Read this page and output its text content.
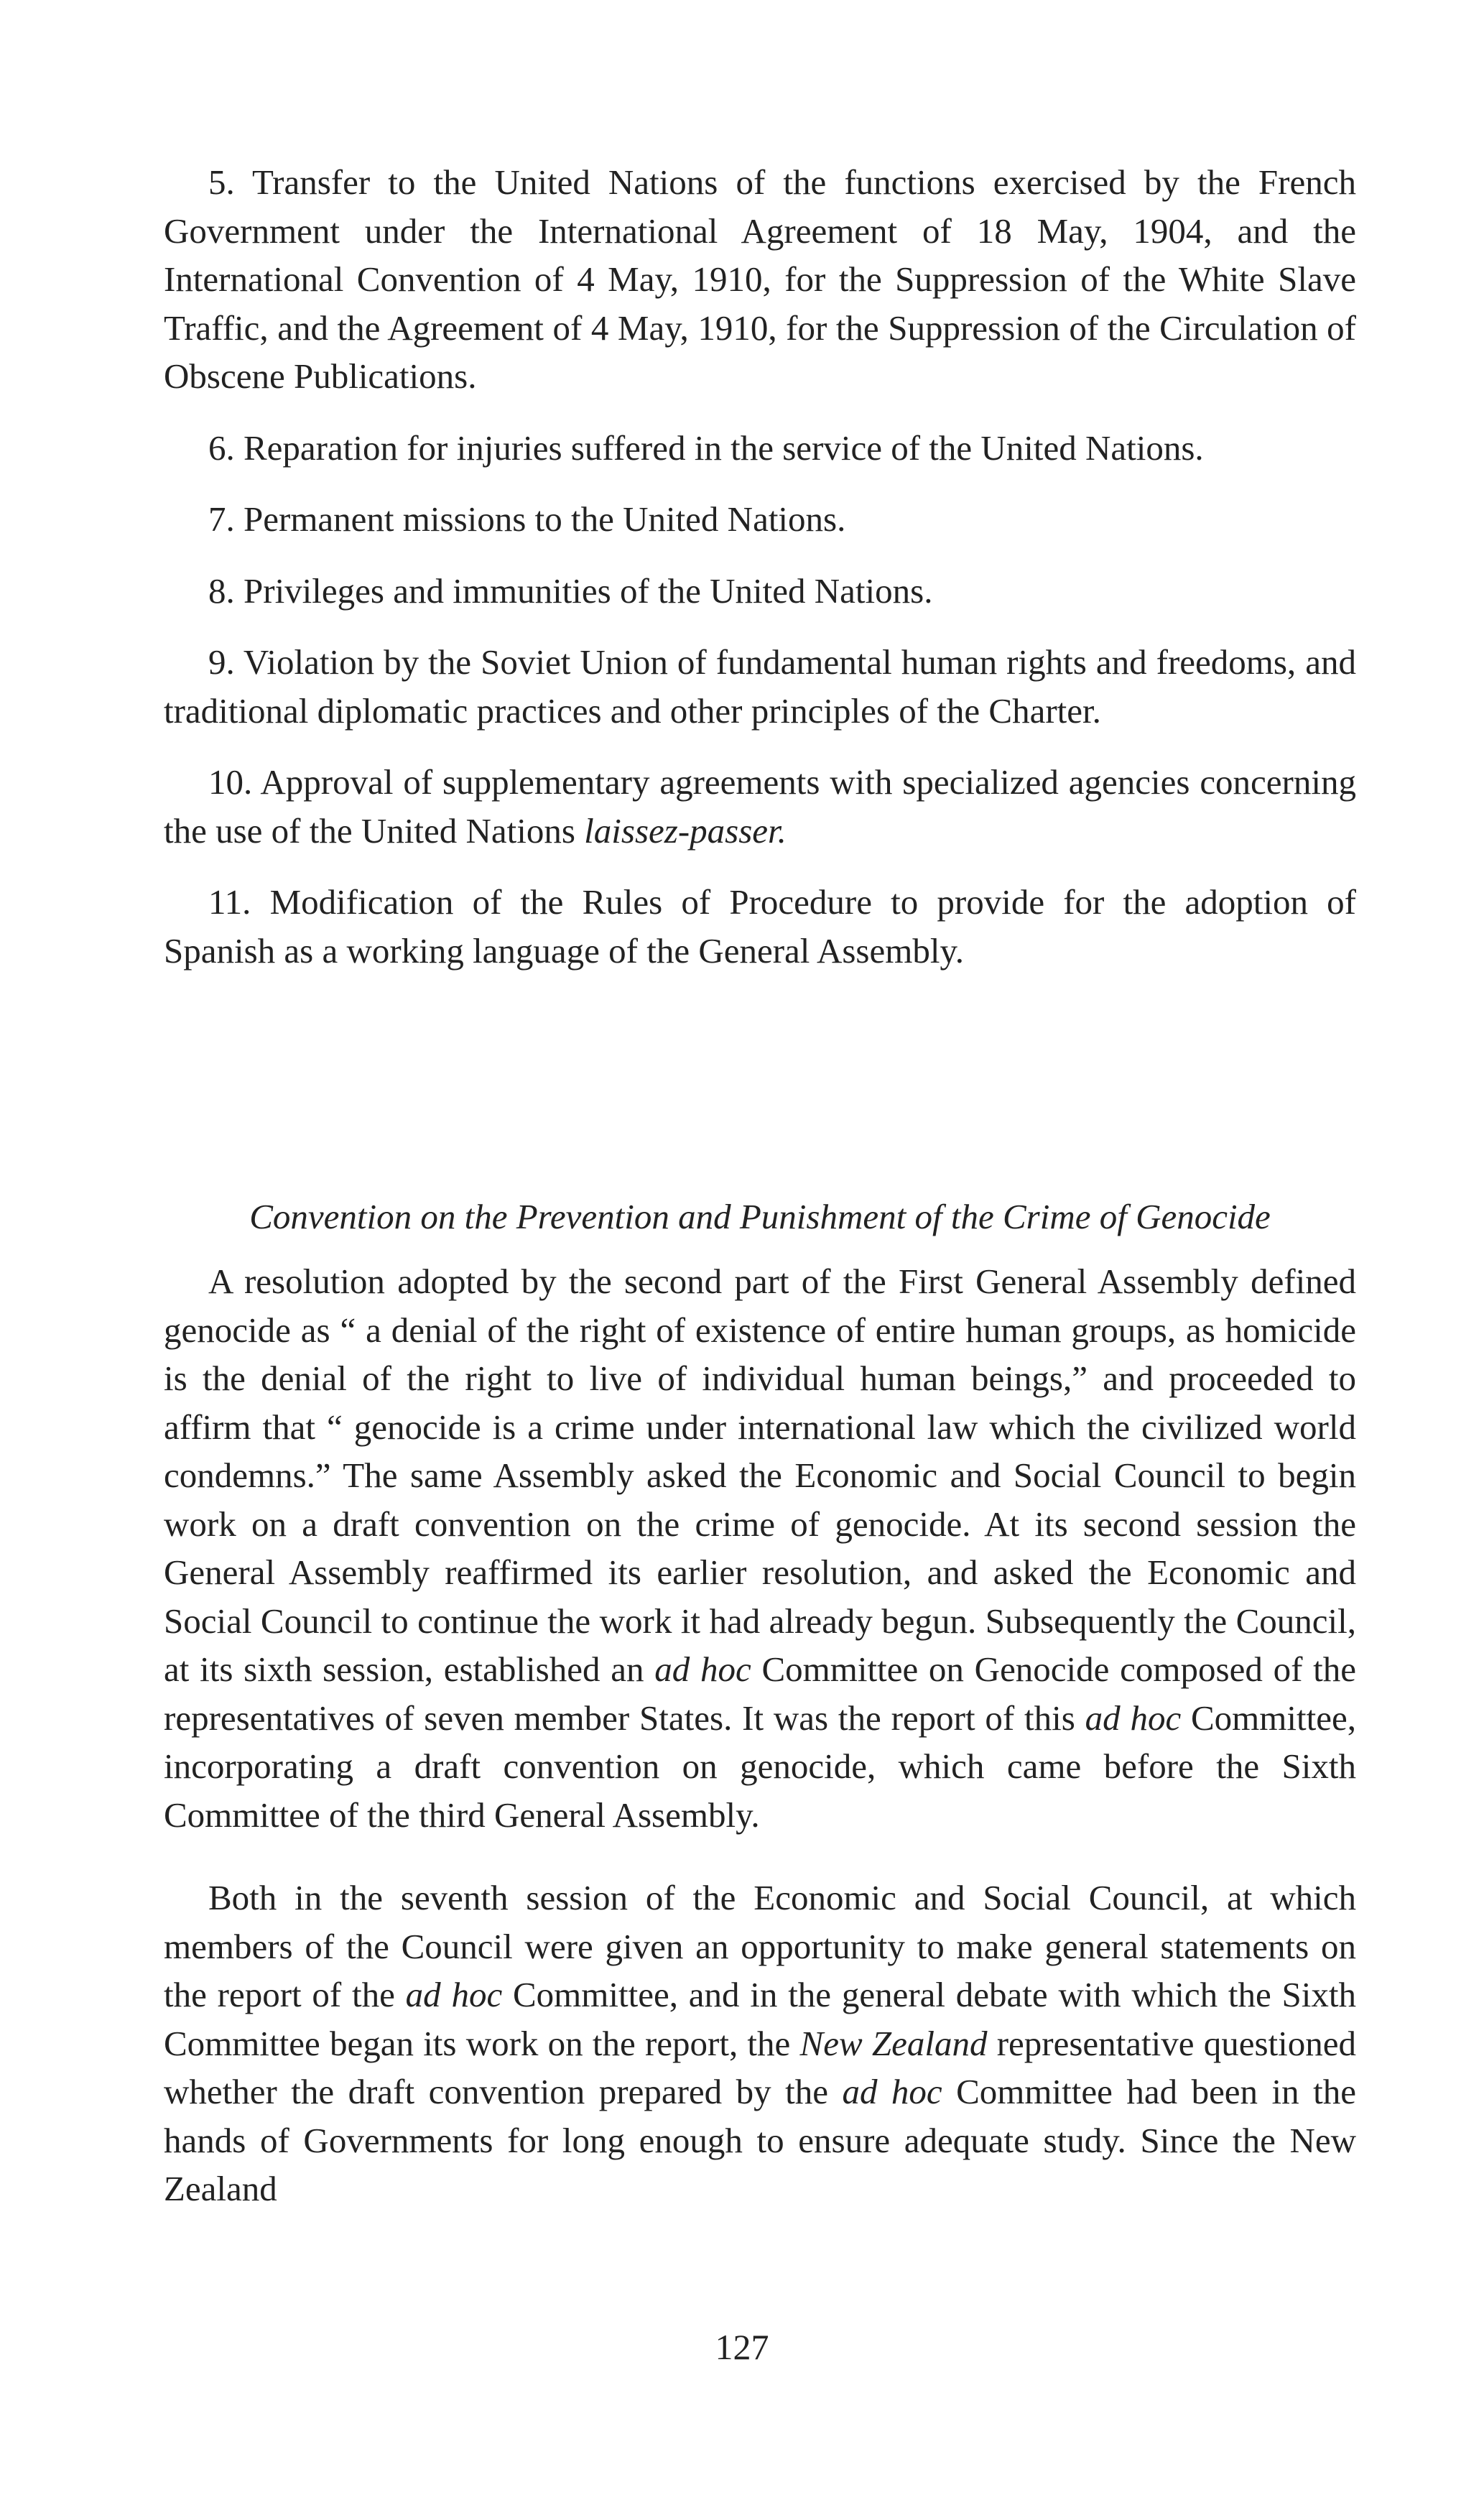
5. Transfer to the United Nations of the functions exercised by the French Government under the International Agreement of 18 May, 1904, and the International Convention of 4 May, 1910, for the Suppression of the White Slave Traffic, and the Agreement of 4 May, 1910, for the Suppression of the Circulation of Obscene Publications.

6. Reparation for injuries suffered in the service of the United Nations.

7. Permanent missions to the United Nations.

8. Privileges and immunities of the United Nations.

9. Violation by the Soviet Union of fundamental human rights and freedoms, and traditional diplomatic practices and other principles of the Charter.

10. Approval of supplementary agreements with specialized agencies concerning the use of the United Nations laissez-passer.

11. Modification of the Rules of Procedure to provide for the adoption of Spanish as a working language of the General Assembly.

Convention on the Prevention and Punishment of the Crime of Genocide

A resolution adopted by the second part of the First General Assembly defined genocide as “ a denial of the right of existence of entire human groups, as homicide is the denial of the right to live of individual human beings,” and proceeded to affirm that “ genocide is a crime under international law which the civilized world condemns.” The same Assembly asked the Economic and Social Council to begin work on a draft convention on the crime of genocide. At its second session the General Assembly reaffirmed its earlier resolution, and asked the Economic and Social Council to continue the work it had already begun. Subsequently the Council, at its sixth session, established an ad hoc Committee on Genocide composed of the representatives of seven member States. It was the report of this ad hoc Committee, incorporating a draft convention on genocide, which came before the Sixth Committee of the third General Assembly.

Both in the seventh session of the Economic and Social Council, at which members of the Council were given an opportunity to make general statements on the report of the ad hoc Committee, and in the general debate with which the Sixth Committee began its work on the report, the New Zealand representative questioned whether the draft convention prepared by the ad hoc Committee had been in the hands of Governments for long enough to ensure adequate study. Since the New Zealand

127
